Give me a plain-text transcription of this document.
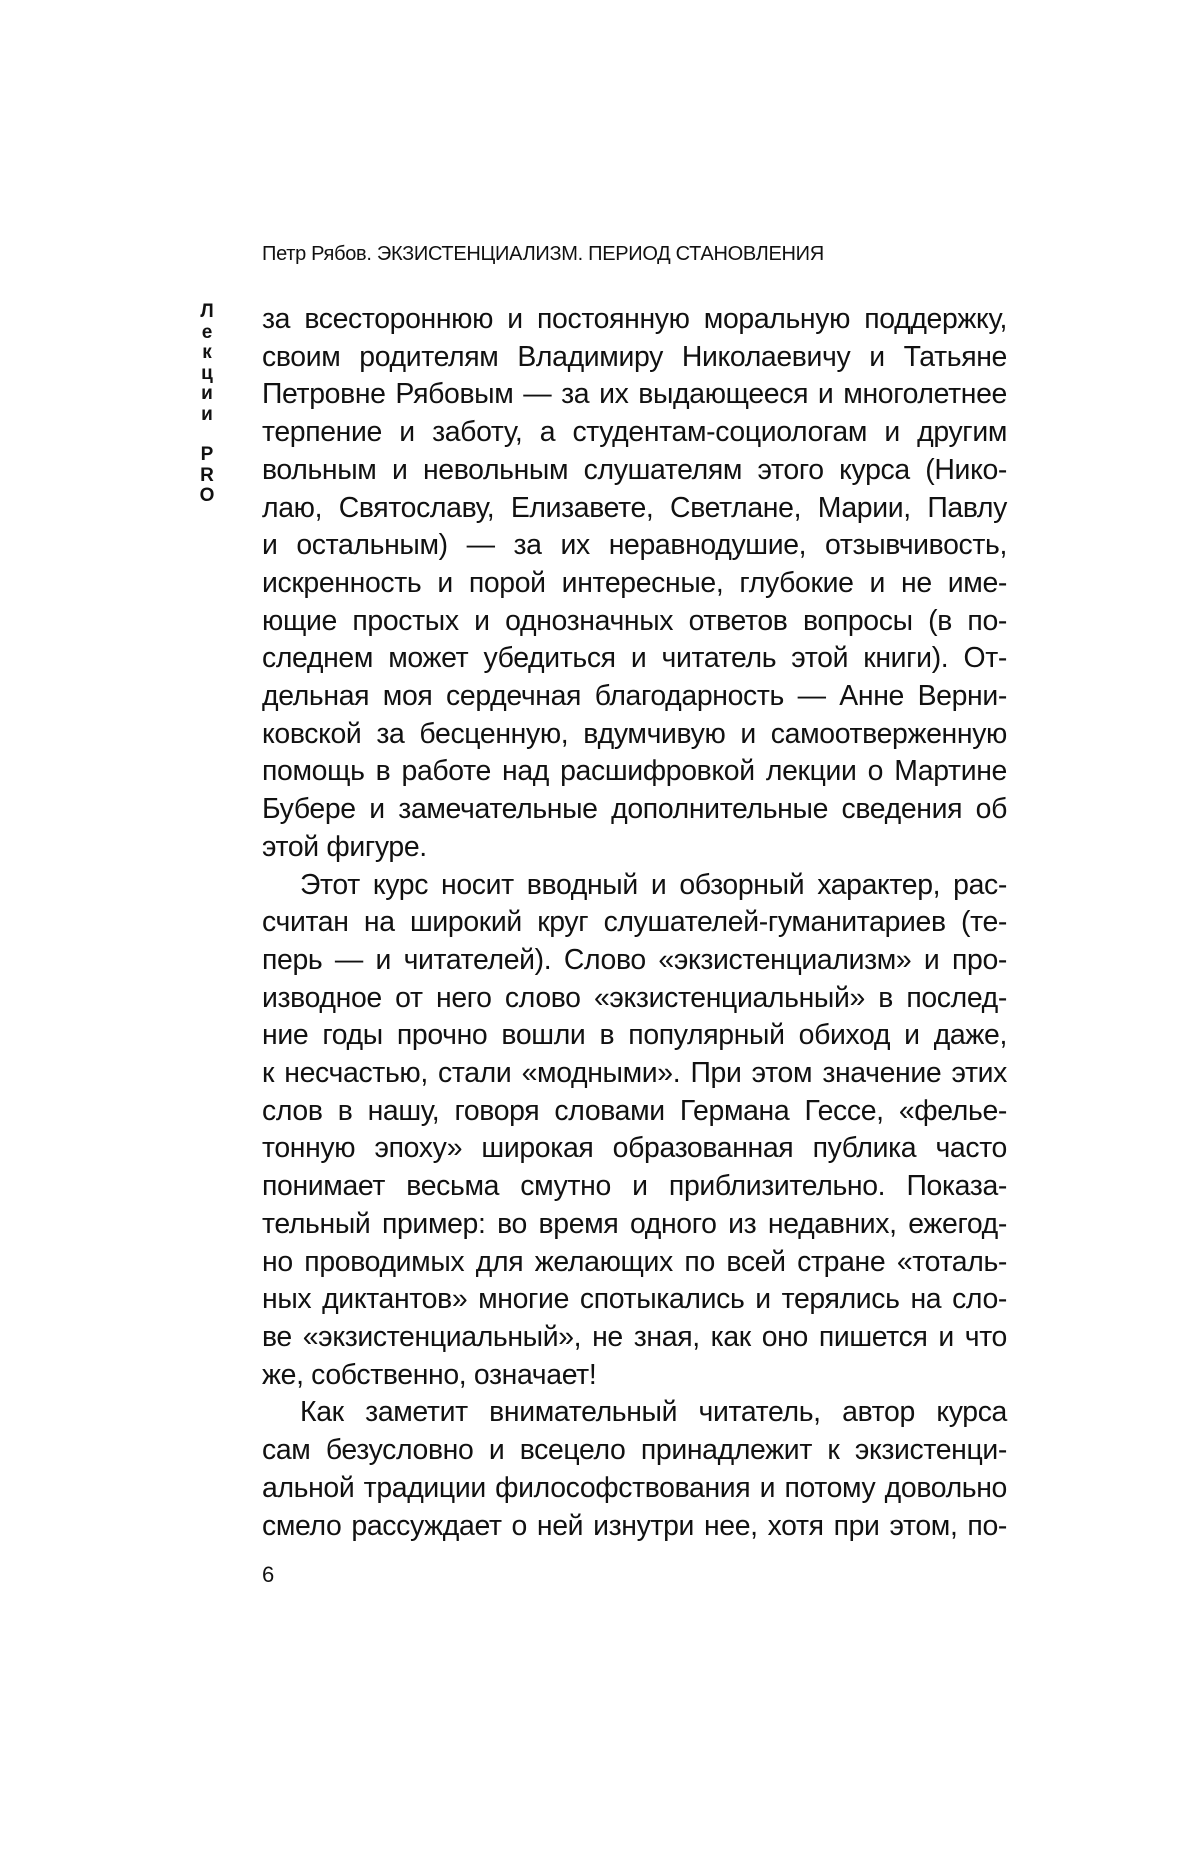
Петр Рябов. ЭКЗИСТЕНЦИАЛИЗМ. ПЕРИОД СТАНОВЛЕНИЯ
Л
е
к
ц
и
и
P
R
O
за всестороннюю и постоянную моральную поддержку,
своим родителям Владимиру Николаевичу и Татьяне
Петровне Рябовым — за их выдающееся и многолетнее
терпение и заботу, а студентам-социологам и другим
вольным и невольным слушателям этого курса (Нико-
лаю, Святославу, Елизавете, Светлане, Марии, Павлу
и остальным) — за их неравнодушие, отзывчивость,
искренность и порой интересные, глубокие и не име-
ющие простых и однозначных ответов вопросы (в по-
следнем может убедиться и читатель этой книги). От-
дельная моя сердечная благодарность — Анне Верни-
ковской за бесценную, вдумчивую и самоотверженную
помощь в работе над расшифровкой лекции о Мартине
Бубере и замечательные дополнительные сведения об
этой фигуре.
Этот курс носит вводный и обзорный характер, рас-
считан на широкий круг слушателей-гуманитариев (те-
перь — и читателей). Слово «экзистенциализм» и про-
изводное от него слово «экзистенциальный» в послед-
ние годы прочно вошли в популярный обиход и даже,
к несчастью, стали «модными». При этом значение этих
слов в нашу, говоря словами Германа Гессе, «фелье-
тонную эпоху» широкая образованная публика часто
понимает весьма смутно и приблизительно. Показа-
тельный пример: во время одного из недавних, ежегод-
но проводимых для желающих по всей стране «тоталь-
ных диктантов» многие спотыкались и терялись на сло-
ве «экзистенциальный», не зная, как оно пишется и что
же, собственно, означает!
Как заметит внимательный читатель, автор курса
сам безусловно и всецело принадлежит к экзистенци-
альной традиции философствования и потому довольно
смело рассуждает о ней изнутри нее, хотя при этом, по-
6
